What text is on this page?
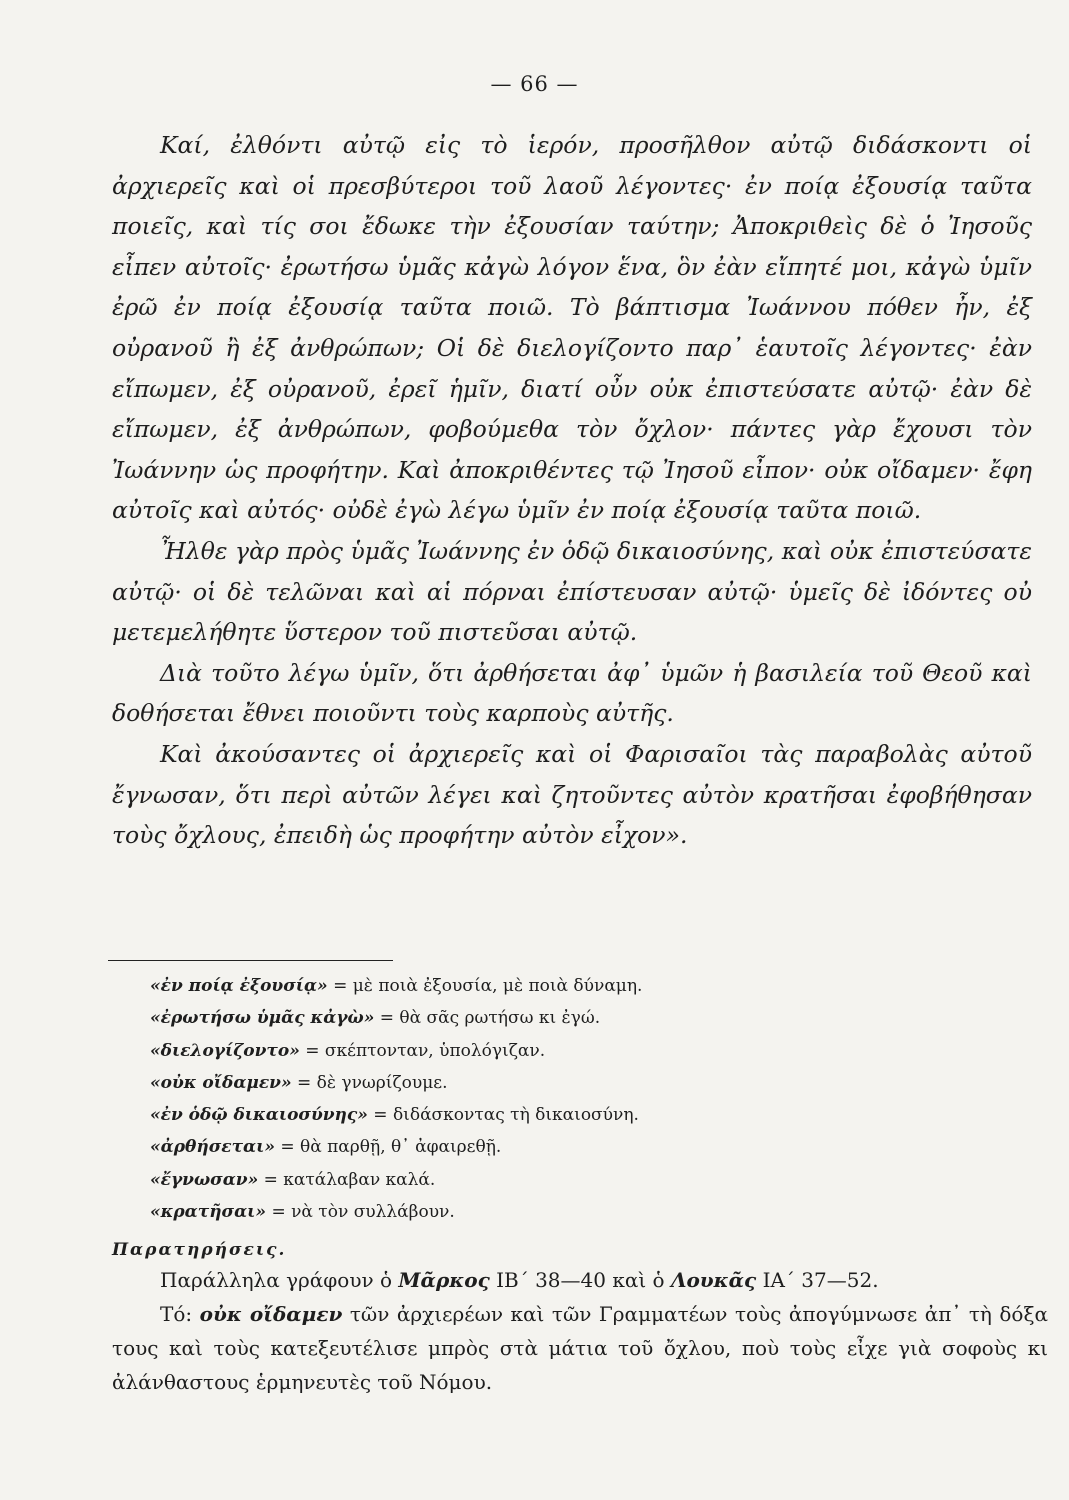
— 66 —

Καί, ἐλθόντι αὐτῷ εἰς τὸ ἱερόν, προσῆλθον αὐτῷ διδάσκοντι οἱ ἀρχιερεῖς καὶ οἱ πρεσβύτεροι τοῦ λαοῦ λέγοντες· ἐν ποίᾳ ἐξουσίᾳ ταῦτα ποιεῖς, καὶ τίς σοι ἔδωκε τὴν ἐξουσίαν ταύτην; Ἀποκριθεὶς δὲ ὁ Ἰησοῦς εἶπεν αὐτοῖς· ἐρωτήσω ὑμᾶς κἀγὼ λόγον ἕνα, ὃν ἐὰν εἴπητέ μοι, κἀγὼ ὑμῖν ἐρῶ ἐν ποίᾳ ἐξουσίᾳ ταῦτα ποιῶ. Τὸ βάπτισμα Ἰωάννου πόθεν ἦν, ἐξ οὐρανοῦ ἢ ἐξ ἀνθρώπων; Οἱ δὲ διελογίζοντο παρ᾽ ἑαυτοῖς λέγοντες· ἐὰν εἴπωμεν, ἐξ οὐρανοῦ, ἐρεῖ ἡμῖν, διατί οὖν οὐκ ἐπιστεύσατε αὐτῷ· ἐὰν δὲ εἴπωμεν, ἐξ ἀνθρώπων, φοβούμεθα τὸν ὄχλον· πάντες γὰρ ἔχουσι τὸν Ἰωάννην ὡς προφήτην. Καὶ ἀποκριθέντες τῷ Ἰησοῦ εἶπον· οὐκ οἴδαμεν· ἔφη αὐτοῖς καὶ αὐτός· οὐδὲ ἐγὼ λέγω ὑμῖν ἐν ποίᾳ ἐξουσίᾳ ταῦτα ποιῶ.

Ἦλθε γὰρ πρὸς ὑμᾶς Ἰωάννης ἐν ὁδῷ δικαιοσύνης, καὶ οὐκ ἐπιστεύσατε αὐτῷ· οἱ δὲ τελῶναι καὶ αἱ πόρναι ἐπίστευσαν αὐτῷ· ὑμεῖς δὲ ἰδόντες οὐ μετεμελήθητε ὕστερον τοῦ πιστεῦσαι αὐτῷ.

Διὰ τοῦτο λέγω ὑμῖν, ὅτι ἀρθήσεται ἀφ᾽ ὑμῶν ἡ βασιλεία τοῦ Θεοῦ καὶ δοθήσεται ἔθνει ποιοῦντι τοὺς καρποὺς αὐτῆς.

Καὶ ἀκούσαντες οἱ ἀρχιερεῖς καὶ οἱ Φαρισαῖοι τὰς παραβολὰς αὐτοῦ ἔγνωσαν, ὅτι περὶ αὐτῶν λέγει καὶ ζητοῦντες αὐτὸν κρατῆσαι ἐφοβήθησαν τοὺς ὄχλους, ἐπειδὴ ὡς προφήτην αὐτὸν εἶχον».

«ἐν ποίᾳ ἐξουσίᾳ» = μὲ ποιὰ ἐξουσία, μὲ ποιὰ δύναμη.
«ἐρωτήσω ὑμᾶς κἀγὼ» = θὰ σᾶς ρωτήσω κι ἐγώ.
«διελογίζοντο» = σκέπτονταν, ὑπολόγιζαν.
«οὐκ οἴδαμεν» = δὲ γνωρίζουμε.
«ἐν ὁδῷ δικαιοσύνης» = διδάσκοντας τὴ δικαιοσύνη.
«ἀρθήσεται» = θὰ παρθῇ, θ᾽ ἀφαιρεθῇ.
«ἔγνωσαν» = κατάλαβαν καλά.
«κρατῆσαι» = νὰ τὸν συλλάβουν.
Παρατηρήσεις.

Παράλληλα γράφουν ὁ Μᾶρκος ΙΒ´ 38—40 καὶ ὁ Λουκᾶς ΙΑ´ 37—52.

Τό: οὐκ οἴδαμεν τῶν ἀρχιερέων καὶ τῶν Γραμματέων τοὺς ἀπογύμνωσε ἀπ᾽ τὴ δόξα τους καὶ τοὺς κατεξευτέλισε μπρὸς στὰ μάτια τοῦ ὄχλου, ποὺ τοὺς εἶχε γιὰ σοφοὺς κι ἀλάνθαστους ἑρμηνευτὲς τοῦ Νόμου.
